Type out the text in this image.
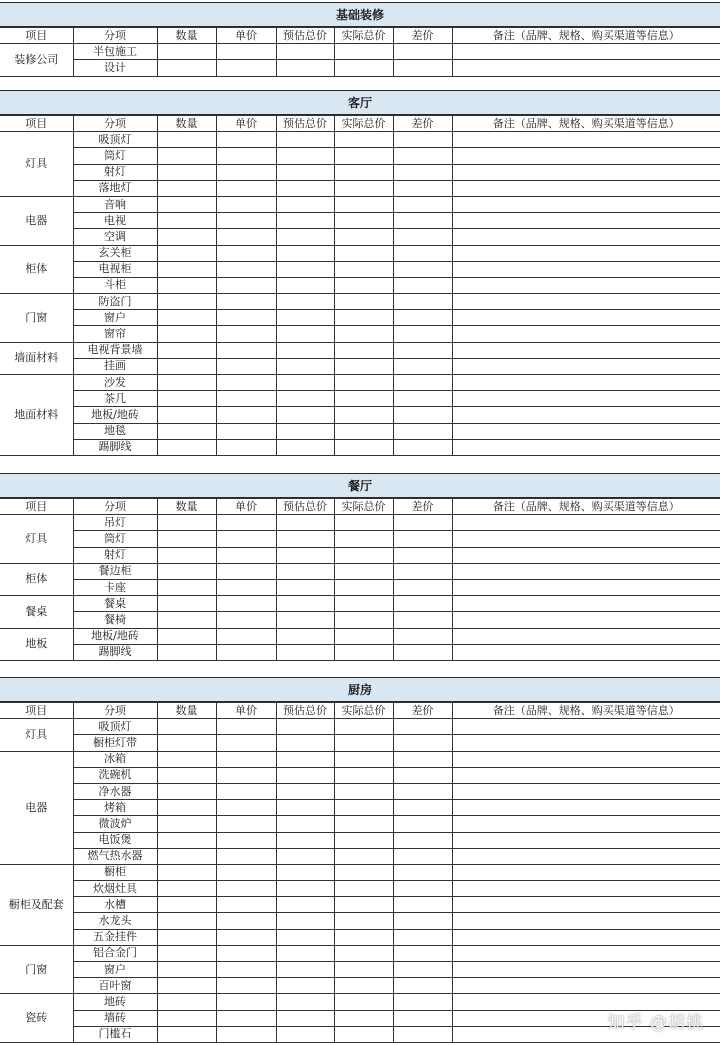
基础装修
项目	分项	数量	单价	预估总价	实际总价	差价	备注（品牌、规格、购买渠道等信息）
装修公司	半包施工						
	设计						
客厅
项目	分项	数量	单价	预估总价	实际总价	差价	备注（品牌、规格、购买渠道等信息）
灯具	吸顶灯						
	筒灯						
	射灯						
	落地灯						
电器	音响						
	电视						
	空调						
柜体	玄关柜						
	电视柜						
	斗柜						
门窗	防盗门						
	窗户						
	窗帘						
墙面材料	电视背景墙						
	挂画						
地面材料	沙发						
	茶几						
	地板/地砖						
	地毯						
	踢脚线						
餐厅
项目	分项	数量	单价	预估总价	实际总价	差价	备注（品牌、规格、购买渠道等信息）
灯具	吊灯						
	筒灯						
	射灯						
柜体	餐边柜						
	卡座						
餐桌	餐桌						
	餐椅						
地板	地板/地砖						
	踢脚线						
厨房
项目	分项	数量	单价	预估总价	实际总价	差价	备注（品牌、规格、购买渠道等信息）
灯具	吸顶灯						
	橱柜灯带						
电器	冰箱						
	洗碗机						
	净水器						
	烤箱						
	微波炉						
	电饭煲						
	燃气热水器						
橱柜及配套	橱柜						
	炊烟灶具						
	水槽						
	水龙头						
	五金挂件						
门窗	铝合金门						
	窗户						
	百叶窗						
瓷砖	地砖						
	墙砖						
	门槛石						
知乎 @胡桃
